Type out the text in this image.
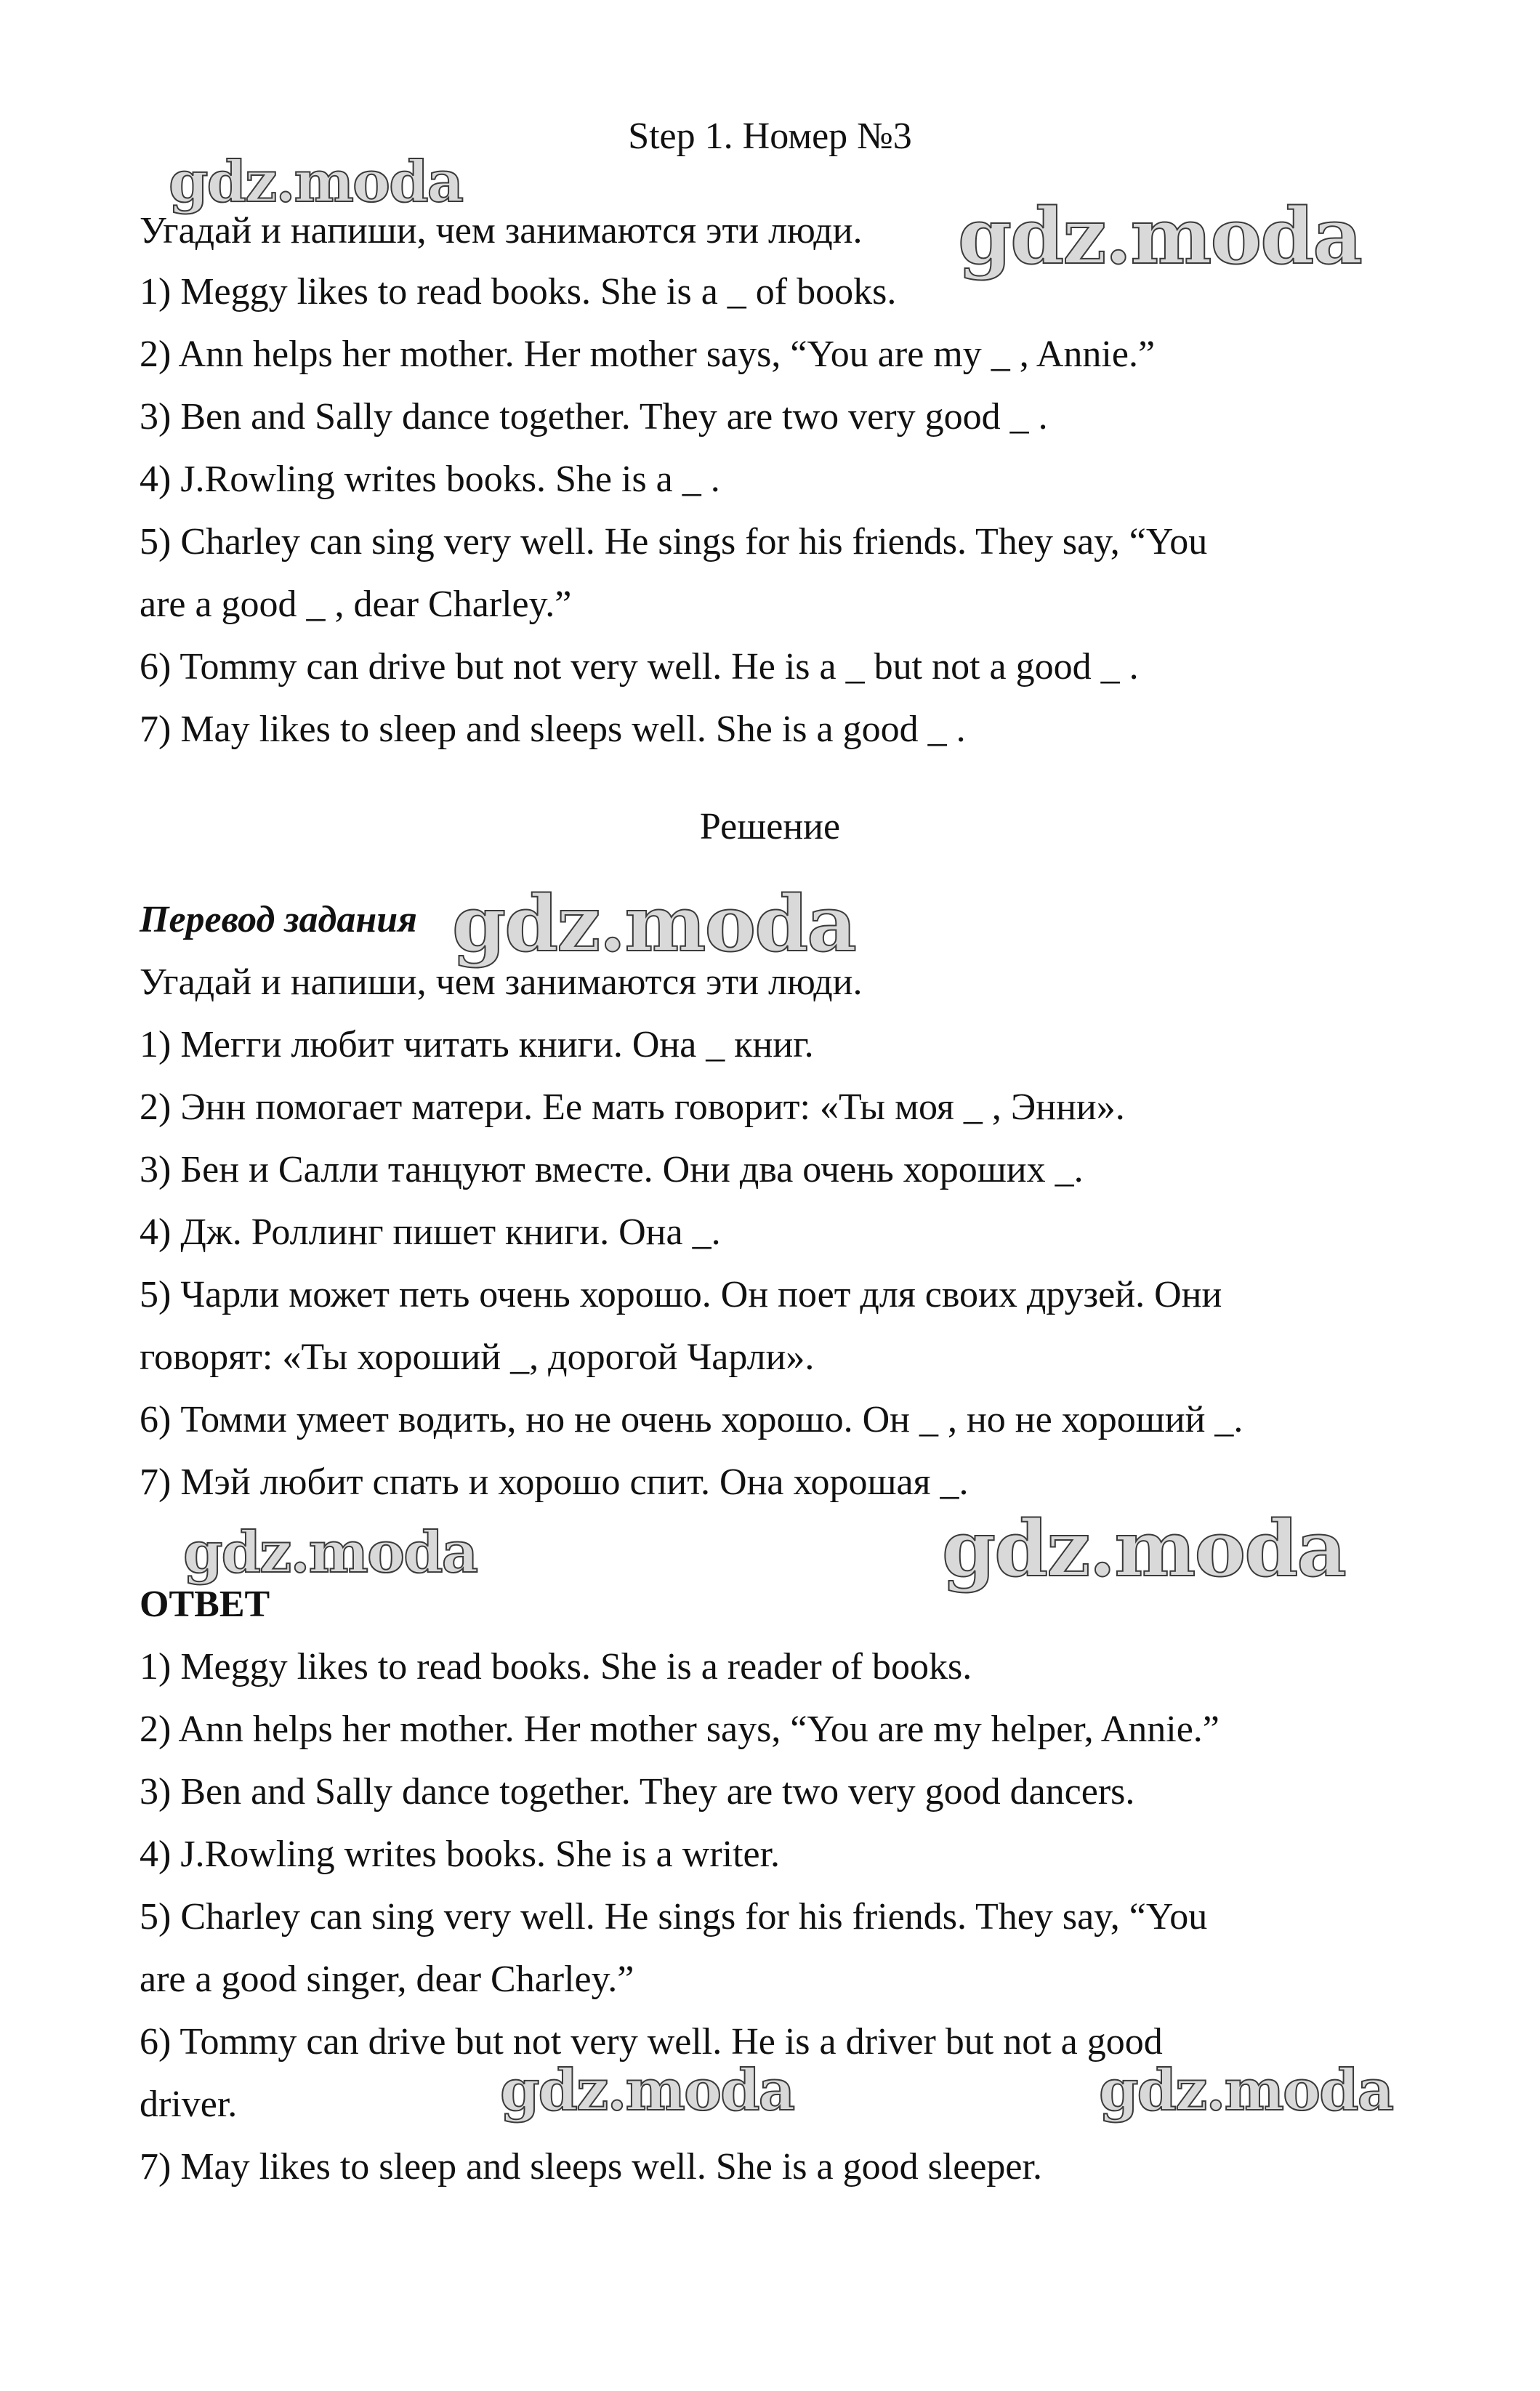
Step 1. Номер №3
Угадай и напиши, чем занимаются эти люди.
1) Meggy likes to read books. She is a _ of books.
2) Ann helps her mother. Her mother says, “You are my _ , Annie.”
3) Ben and Sally dance together. They are two very good _ .
4) J.Rowling writes books. She is a _ .
5) Charley can sing very well. He sings for his friends. They say, “You
are a good _ , dear Charley.”
6) Tommy can drive but not very well. He is a _ but not a good _ .
7) May likes to sleep and sleeps well. She is a good _ .
Решение
Перевод задания
Угадай и напиши, чем занимаются эти люди.
1) Мегги любит читать книги. Она _ книг.
2) Энн помогает матери. Ее мать говорит: «Ты моя _ , Энни».
3) Бен и Салли танцуют вместе. Они два очень хороших _.
4) Дж. Роллинг пишет книги. Она _.
5) Чарли может петь очень хорошо. Он поет для своих друзей. Они
говорят: «Ты хороший _, дорогой Чарли».
6) Томми умеет водить, но не очень хорошо. Он _ , но не хороший _.
7) Мэй любит спать и хорошо спит. Она хорошая _.
ОТВЕТ
1) Meggy likes to read books. She is a reader of books.
2) Ann helps her mother. Her mother says, “You are my helper, Annie.”
3) Ben and Sally dance together. They are two very good dancers.
4) J.Rowling writes books. She is a writer.
5) Charley can sing very well. He sings for his friends. They say, “You
are a good singer, dear Charley.”
6) Tommy can drive but not very well. He is a driver but not a good
driver.
7) May likes to sleep and sleeps well. She is a good sleeper.
gdz.moda
gdz.moda
gdz.moda
gdz.moda	gdz.moda
gdz.moda	gdz.moda
